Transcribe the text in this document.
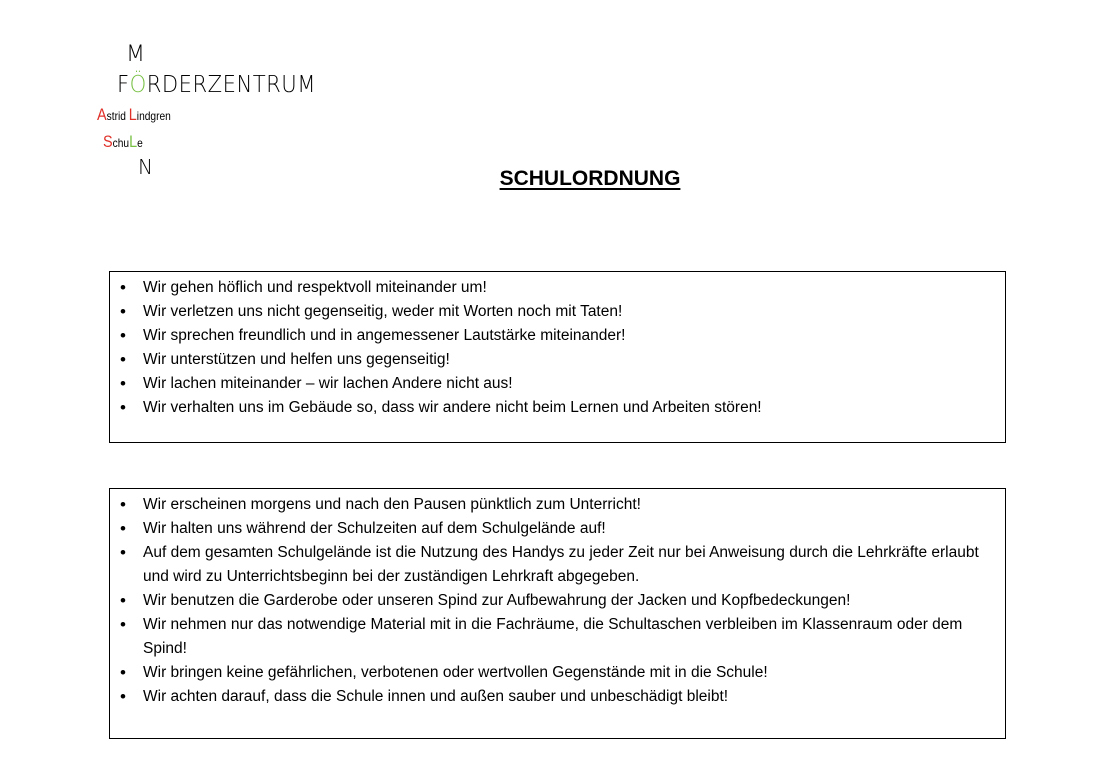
M
FÖRDERZENTRUM
Astrid Lindgren
SchuLe
N	SCHULORDNUNG
• Wir gehen höflich und respektvoll miteinander um!
• Wir verletzen uns nicht gegenseitig, weder mit Worten noch mit Taten!
• Wir sprechen freundlich und in angemessener Lautstärke miteinander!
• Wir unterstützen und helfen uns gegenseitig!
• Wir lachen miteinander – wir lachen Andere nicht aus!
• Wir verhalten uns im Gebäude so, dass wir andere nicht beim Lernen und Arbeiten stören!
• Wir erscheinen morgens und nach den Pausen pünktlich zum Unterricht!
• Wir halten uns während der Schulzeiten auf dem Schulgelände auf!
• Auf dem gesamten Schulgelände ist die Nutzung des Handys zu jeder Zeit nur bei Anweisung durch die Lehrkräfte erlaubt und wird zu Unterrichtsbeginn bei der zuständigen Lehrkraft abgegeben.
• Wir benutzen die Garderobe oder unseren Spind zur Aufbewahrung der Jacken und Kopfbedeckungen!
• Wir nehmen nur das notwendige Material mit in die Fachräume, die Schultaschen verbleiben im Klassenraum oder dem Spind!
• Wir bringen keine gefährlichen, verbotenen oder wertvollen Gegenstände mit in die Schule!
• Wir achten darauf, dass die Schule innen und außen sauber und unbeschädigt bleibt!
